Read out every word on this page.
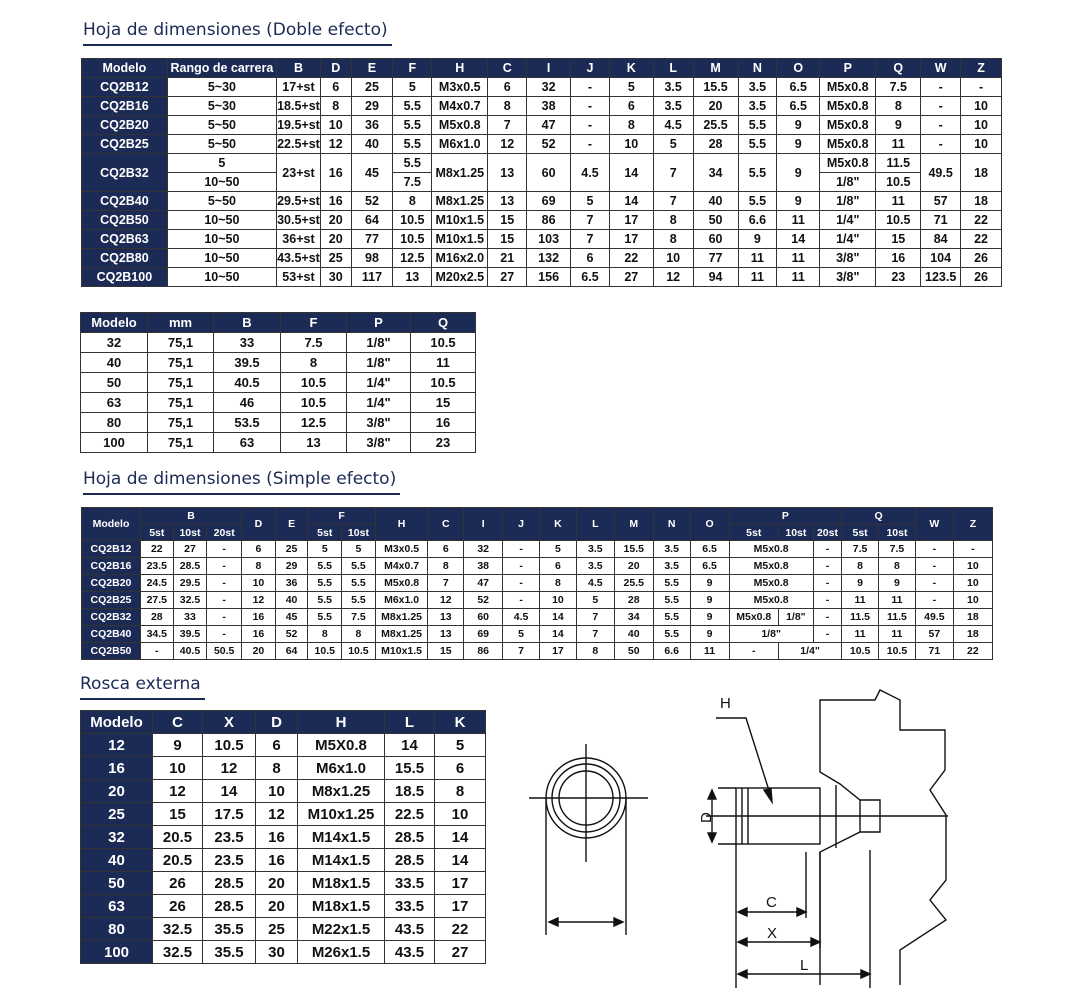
Hoja de dimensiones (Doble efecto)
Modelo	Rango de carrera	B	D	E	F	H	C	I	J	K	L	M	N	O	P	Q	W	Z
CQ2B12	5~30	17+st	6	25	5	M3x0.5	6	32	-	5	3.5	15.5	3.5	6.5	M5x0.8	7.5	-	-
CQ2B16	5~30	18.5+st	8	29	5.5	M4x0.7	8	38	-	6	3.5	20	3.5	6.5	M5x0.8	8	-	10
CQ2B20	5~50	19.5+st	10	36	5.5	M5x0.8	7	47	-	8	4.5	25.5	5.5	9	M5x0.8	9	-	10
CQ2B25	5~50	22.5+st	12	40	5.5	M6x1.0	12	52	-	10	5	28	5.5	9	M5x0.8	11	-	10
CQ2B32	5	23+st	16	45	5.5	M8x1.25	13	60	4.5	14	7	34	5.5	9	M5x0.8	11.5	49.5	18
	10~50				7.5										1/8"	10.5		
CQ2B40	5~50	29.5+st	16	52	8	M8x1.25	13	69	5	14	7	40	5.5	9	1/8"	11	57	18
CQ2B50	10~50	30.5+st	20	64	10.5	M10x1.5	15	86	7	17	8	50	6.6	11	1/4"	10.5	71	22
CQ2B63	10~50	36+st	20	77	10.5	M10x1.5	15	103	7	17	8	60	9	14	1/4"	15	84	22
CQ2B80	10~50	43.5+st	25	98	12.5	M16x2.0	21	132	6	22	10	77	11	11	3/8"	16	104	26
CQ2B100	10~50	53+st	30	117	13	M20x2.5	27	156	6.5	27	12	94	11	11	3/8"	23	123.5	26
Modelo	mm	B	F	P	Q
32	75,1	33	7.5	1/8"	10.5
40	75,1	39.5	8	1/8"	11
50	75,1	40.5	10.5	1/4"	10.5
63	75,1	46	10.5	1/4"	15
80	75,1	53.5	12.5	3/8"	16
100	75,1	63	13	3/8"	23
Hoja de dimensiones (Simple efecto)
Modelo	B			D	E	F		H	C	I	J	K	L	M	N	O	P			Q		W	Z
	5st	10st	20st			5st	10st										5st	10st	20st	5st	10st		
CQ2B12	22	27	-	6	25	5	5	M3x0.5	6	32	-	5	3.5	15.5	3.5	6.5	M5x0.8		-	7.5	7.5	-	-
CQ2B16	23.5	28.5	-	8	29	5.5	5.5	M4x0.7	8	38	-	6	3.5	20	3.5	6.5	M5x0.8		-	8	8	-	10
CQ2B20	24.5	29.5	-	10	36	5.5	5.5	M5x0.8	7	47	-	8	4.5	25.5	5.5	9	M5x0.8		-	9	9	-	10
CQ2B25	27.5	32.5	-	12	40	5.5	5.5	M6x1.0	12	52	-	10	5	28	5.5	9	M5x0.8		-	11	11	-	10
CQ2B32	28	33	-	16	45	5.5	7.5	M8x1.25	13	60	4.5	14	7	34	5.5	9	M5x0.8	1/8"	-	11.5	11.5	49.5	18
CQ2B40	34.5	39.5	-	16	52	8	8	M8x1.25	13	69	5	14	7	40	5.5	9	1/8"		-	11	11	57	18
CQ2B50	-	40.5	50.5	20	64	10.5	10.5	M10x1.5	15	86	7	17	8	50	6.6	11	-	1/4"		10.5	10.5	71	22
Rosca externa
Modelo	C	X	D	H	L	K
12	9	10.5	6	M5X0.8	14	5
16	10	12	8	M6x1.0	15.5	6
20	12	14	10	M8x1.25	18.5	8
25	15	17.5	12	M10x1.25	22.5	10
32	20.5	23.5	16	M14x1.5	28.5	14
40	20.5	23.5	16	M14x1.5	28.5	14
50	26	28.5	20	M18x1.5	33.5	17
63	26	28.5	20	M18x1.5	33.5	17
80	32.5	35.5	25	M22x1.5	43.5	22
100	32.5	35.5	30	M26x1.5	43.5	27
H
D
C
X
L
